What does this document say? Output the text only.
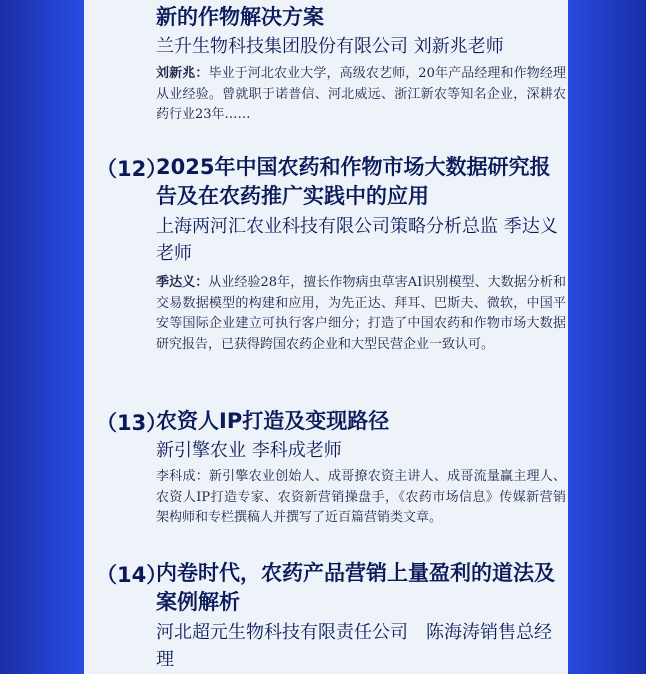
新的作物解决方案
兰升生物科技集团股份有限公司 刘新兆老师
刘新兆：毕业于河北农业大学，高级农艺师，20年产品经理和作物经理从业经验。曾就职于诺普信、河北威远、浙江新农等知名企业，深耕农药行业23年……
（12）
2025年中国农药和作物市场大数据研究报告及在农药推广实践中的应用
上海两河汇农业科技有限公司策略分析总监 季达义老师
季达义：从业经验28年，擅长作物病虫草害AI识别模型、大数据分析和交易数据模型的构建和应用，为先正达、拜耳、巴斯夫、微软，中国平安等国际企业建立可执行客户细分；打造了中国农药和作物市场大数据研究报告，已获得跨国农药企业和大型民营企业一致认可。
（13）
农资人IP打造及变现路径
新引擎农业 李科成老师
李科成：新引擎农业创始人、成哥撩农资主讲人、成哥流量赢主理人、农资人IP打造专家、农资新营销操盘手，《农药市场信息》传媒新营销架构师和专栏撰稿人并撰写了近百篇营销类文章。
（14）
内卷时代，农药产品营销上量盈利的道法及案例解析
河北超元生物科技有限责任公司　陈海涛销售总经理
